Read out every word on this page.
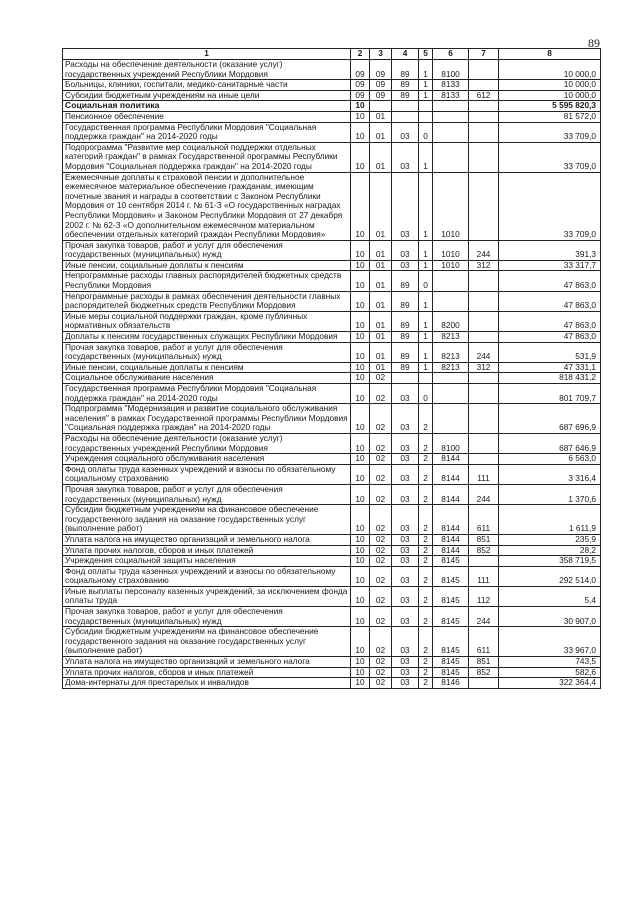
89
1	2	3	4	5	6	7	8
Расходы на обеспечение деятельности (оказание услуг) государственных учреждений Республики Мордовия	09	09	89	1	8100		10 000,0
Больницы, клиники, госпитали, медико-санитарные части	09	09	89	1	8133		10 000,0
Субсидии бюджетным учреждениям на иные цели	09	09	89	1	8133	612	10 000,0
Социальная политика	10						5 595 820,3
Пенсионное обеспечение	10	01					81 572,0
Государственная программа Республики Мордовия "Социальная поддержка граждан" на 2014-2020 годы	10	01	03	0			33 709,0
Подпрограмма "Развитие мер социальной поддержки отдельных категорий граждан" в рамках Государственной программы Республики Мордовия "Социальная поддержка граждан" на 2014-2020 годы	10	01	03	1			33 709,0
Ежемесячные доплаты к страховой пенсии и дополнительное ежемесячное материальное обеспечение гражданам, имеющим почетные звания и награды в соответствии с Законом Республики Мордовия от 10 сентября 2014 г. № 61-З «О государственных наградах Республики Мордовия» и Законом Республики Мордовия от 27 декабря 2002 г. № 62-З «О дополнительном ежемесячном материальном обеспечении отдельных категорий граждан Республики Мордовия»	10	01	03	1	1010		33 709,0
Прочая закупка товаров, работ и услуг для обеспечения государственных (муниципальных) нужд	10	01	03	1	1010	244	391,3
Иные пенсии, социальные доплаты к пенсиям	10	01	03	1	1010	312	33 317,7
Непрограммные расходы главных распорядителей бюджетных средств Республики Мордовия	10	01	89	0			47 863,0
Непрограммные расходы в рамках обеспечения деятельности главных распорядителей бюджетных средств Республики Мордовия	10	01	89	1			47 863,0
Иные меры социальной поддержки граждан, кроме публичных нормативных обязательств	10	01	89	1	8200		47 863,0
Доплаты к пенсиям государственных служащих Республики Мордовия	10	01	89	1	8213		47 863,0
Прочая закупка товаров, работ и услуг для обеспечения государственных (муниципальных) нужд	10	01	89	1	8213	244	531,9
Иные пенсии, социальные доплаты к пенсиям	10	01	89	1	8213	312	47 331,1
Социальное обслуживание населения	10	02					818 431,2
Государственная программа Республики Мордовия "Социальная поддержка граждан" на 2014-2020 годы	10	02	03	0			801 709,7
Подпрограмма "Модернизация и развитие социального обслуживания населения" в рамках Государственной программы Республики Мордовия "Социальная поддержка граждан" на 2014-2020 годы	10	02	03	2			687 696,9
Расходы на обеспечение деятельности (оказание услуг) государственных учреждений Республики Мордовия	10	02	03	2	8100		687 646,9
Учреждения социального обслуживания населения	10	02	03	2	8144		6 563,0
Фонд оплаты труда казенных учреждений и взносы по обязательному социальному страхованию	10	02	03	2	8144	111	3 316,4
Прочая закупка товаров, работ и услуг для обеспечения государственных (муниципальных) нужд	10	02	03	2	8144	244	1 370,6
Субсидии бюджетным учреждениям на финансовое обеспечение государственного задания на оказание государственных услуг (выполнение работ)	10	02	03	2	8144	611	1 611,9
Уплата налога на имущество организаций и земельного налога	10	02	03	2	8144	851	235,9
Уплата прочих налогов, сборов и иных платежей	10	02	03	2	8144	852	28,2
Учреждения социальной защиты населения	10	02	03	2	8145		358 719,5
Фонд оплаты труда казенных учреждений и взносы по обязательному социальному страхованию	10	02	03	2	8145	111	292 514,0
Иные выплаты персоналу казенных учреждений, за исключением фонда оплаты труда	10	02	03	2	8145	112	5,4
Прочая закупка товаров, работ и услуг для обеспечения государственных (муниципальных) нужд	10	02	03	2	8145	244	30 907,0
Субсидии бюджетным учреждениям на финансовое обеспечение государственного задания на оказание государственных услуг (выполнение работ)	10	02	03	2	8145	611	33 967,0
Уплата налога на имущество организаций и земельного налога	10	02	03	2	8145	851	743,5
Уплата прочих налогов, сборов и иных платежей	10	02	03	2	8145	852	582,6
Дома-интернаты для престарелых и инвалидов	10	02	03	2	8146		322 364,4
